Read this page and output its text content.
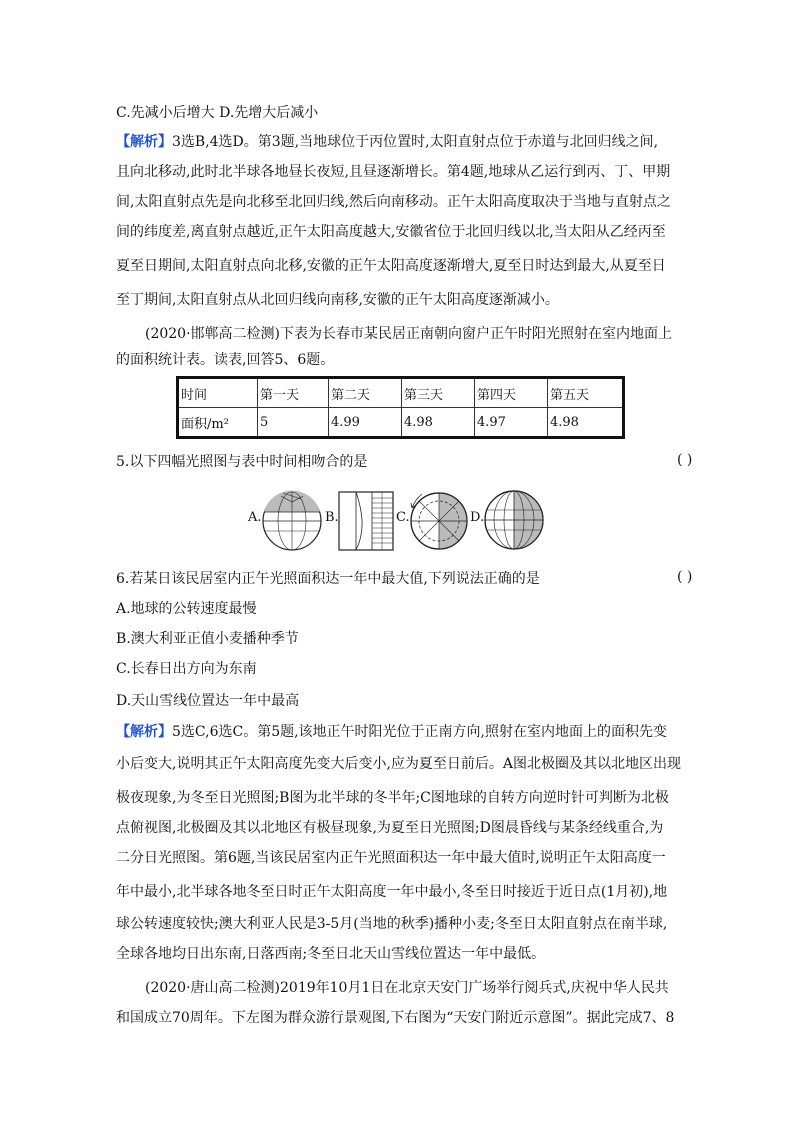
C.先减小后增大 D.先增大后减小
【解析】3选B,4选D。第3题,当地球位于丙位置时,太阳直射点位于赤道与北回归线之间,
且向北移动,此时北半球各地昼长夜短,且昼逐渐增长。第4题,地球从乙运行到丙、丁、甲期
间,太阳直射点先是向北移至北回归线,然后向南移动。正午太阳高度取决于当地与直射点之
间的纬度差,离直射点越近,正午太阳高度越大,安徽省位于北回归线以北,当太阳从乙经丙至
夏至日期间,太阳直射点向北移,安徽的正午太阳高度逐渐增大,夏至日时达到最大,从夏至日
至丁期间,太阳直射点从北回归线向南移,安徽的正午太阳高度逐渐减小。
(2020·邯郸高二检测)下表为长春市某民居正南朝向窗户正午时阳光照射在室内地面上
的面积统计表。读表,回答5、6题。
时间	第一天	第二天	第三天	第四天	第五天
面积/m²	5	4.99	4.98	4.97	4.98
5.以下四幅光照图与表中时间相吻合的是	( )
A.	B.	C.	D.
6.若某日该民居室内正午光照面积达一年中最大值,下列说法正确的是	( )
A.地球的公转速度最慢
B.澳大利亚正值小麦播种季节
C.长春日出方向为东南
D.天山雪线位置达一年中最高
【解析】5选C,6选C。第5题,该地正午时阳光位于正南方向,照射在室内地面上的面积先变
小后变大,说明其正午太阳高度先变大后变小,应为夏至日前后。A图北极圈及其以北地区出现
极夜现象,为冬至日光照图;B图为北半球的冬半年;C图地球的自转方向逆时针可判断为北极
点俯视图,北极圈及其以北地区有极昼现象,为夏至日光照图;D图晨昏线与某条经线重合,为
二分日光照图。第6题,当该民居室内正午光照面积达一年中最大值时,说明正午太阳高度一
年中最小,北半球各地冬至日时正午太阳高度一年中最小,冬至日时接近于近日点(1月初),地
球公转速度较快;澳大利亚人民是3-5月(当地的秋季)播种小麦;冬至日太阳直射点在南半球,
全球各地均日出东南,日落西南;冬至日北天山雪线位置达一年中最低。
(2020·唐山高二检测)2019年10月1日在北京天安门广场举行阅兵式,庆祝中华人民共
和国成立70周年。下左图为群众游行景观图,下右图为“天安门附近示意图”。据此完成7、8
